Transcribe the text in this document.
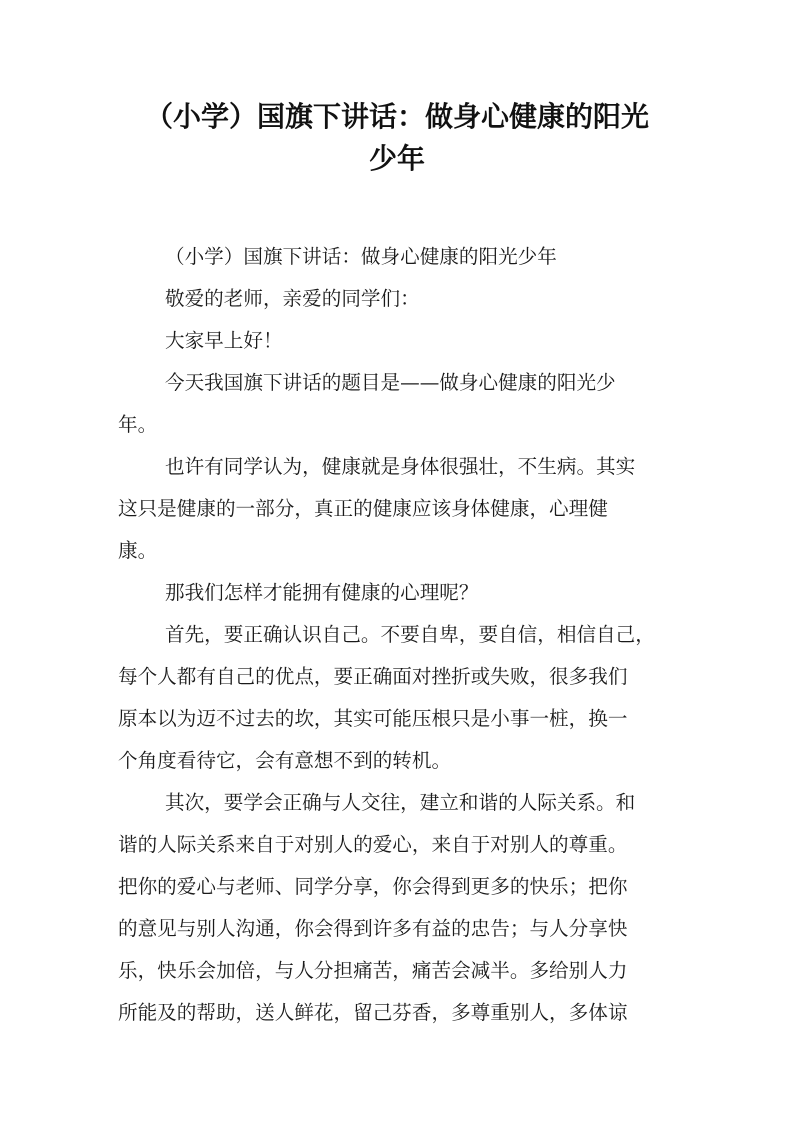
（小学）国旗下讲话：做身心健康的阳光
少年
（小学）国旗下讲话：做身心健康的阳光少年
敬爱的老师，亲爱的同学们：
大家早上好！
今天我国旗下讲话的题目是——做身心健康的阳光少
年。
也许有同学认为，健康就是身体很强壮，不生病。其实
这只是健康的一部分，真正的健康应该身体健康，心理健
康。
那我们怎样才能拥有健康的心理呢？
首先，要正确认识自己。不要自卑，要自信，相信自己，
每个人都有自己的优点，要正确面对挫折或失败，很多我们
原本以为迈不过去的坎，其实可能压根只是小事一桩，换一
个角度看待它，会有意想不到的转机。
其次，要学会正确与人交往，建立和谐的人际关系。和
谐的人际关系来自于对别人的爱心，来自于对别人的尊重。
把你的爱心与老师、同学分享，你会得到更多的快乐；把你
的意见与别人沟通，你会得到许多有益的忠告；与人分享快
乐，快乐会加倍，与人分担痛苦，痛苦会减半。多给别人力
所能及的帮助，送人鲜花，留己芬香，多尊重别人，多体谅
